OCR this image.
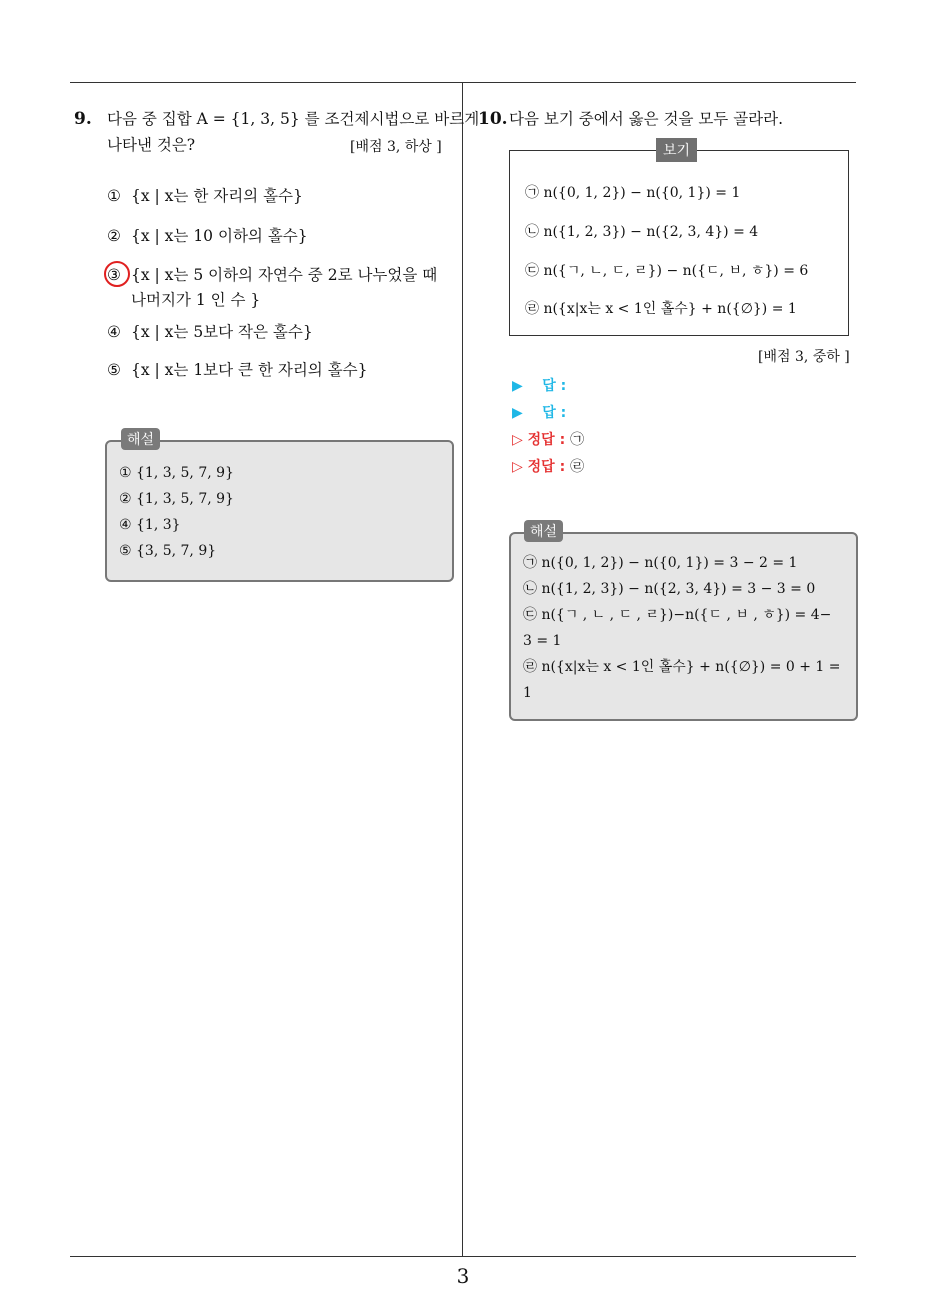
9. 다음 중 집합 A = {1, 3, 5} 를 조건제시법으로 바르게
나타낸 것은?	[배점 3, 하상 ]
① {x | x는 한 자리의 홀수}
② {x | x는 10 이하의 홀수}
③ {x | x는 5 이하의 자연수 중 2로 나누었을 때
나머지가 1 인 수 }
④ {x | x는 5보다 작은 홀수}
⑤ {x | x는 1보다 큰 한 자리의 홀수}
① {1, 3, 5, 7, 9}
② {1, 3, 5, 7, 9}
④ {1, 3}
⑤ {3, 5, 7, 9}
해설
10. 다음 보기 중에서 옳은 것을 모두 골라라.
보기
㉠ n({0, 1, 2}) − n({0, 1}) = 1
㉡ n({1, 2, 3}) − n({2, 3, 4}) = 4
㉢ n({ㄱ, ㄴ, ㄷ, ㄹ}) − n({ㄷ, ㅂ, ㅎ}) = 6
㉣ n({x|x는 x < 1인 홀수} + n({∅}) = 1
[배점 3, 중하 ]
▶ 답 :
▶ 답 :
▷ 정답 : ㉠
▷ 정답 : ㉣
㉠ n({0, 1, 2}) − n({0, 1}) = 3 − 2 = 1
㉡ n({1, 2, 3}) − n({2, 3, 4}) = 3 − 3 = 0
㉢ n({ㄱ , ㄴ , ㄷ , ㄹ})−n({ㄷ , ㅂ , ㅎ}) = 4−
3 = 1
㉣ n({x|x는 x < 1인 홀수} + n({∅}) = 0 + 1 =
1
해설
3
